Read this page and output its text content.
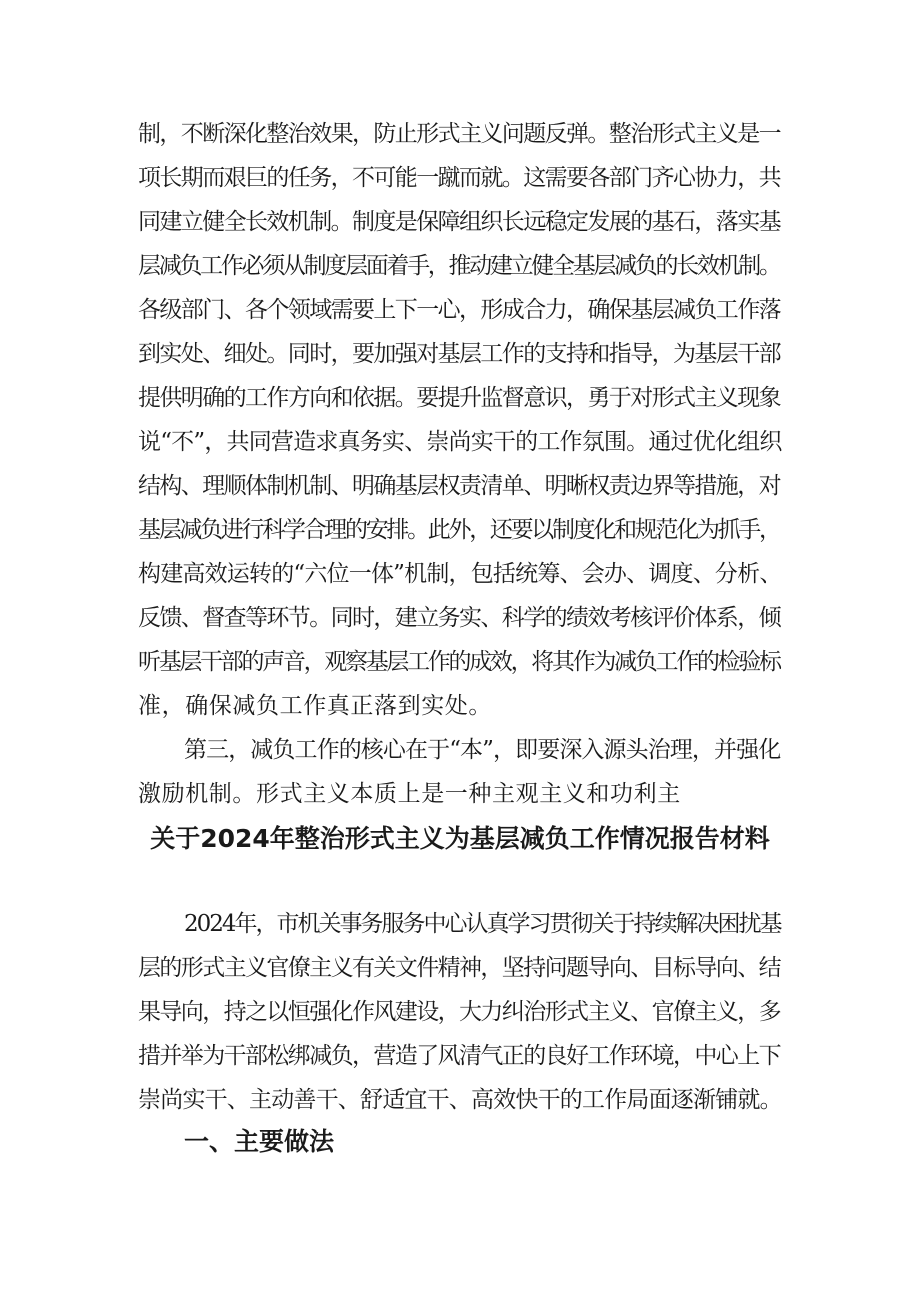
制，不断深化整治效果，防止形式主义问题反弹。整治形式主义是一
项长期而艰巨的任务，不可能一蹴而就。这需要各部门齐心协力，共
同建立健全长效机制。制度是保障组织长远稳定发展的基石，落实基
层减负工作必须从制度层面着手，推动建立健全基层减负的长效机制。
各级部门、各个领域需要上下一心，形成合力，确保基层减负工作落
到实处、细处。同时，要加强对基层工作的支持和指导，为基层干部
提供明确的工作方向和依据。要提升监督意识，勇于对形式主义现象
说“不”，共同营造求真务实、崇尚实干的工作氛围。通过优化组织
结构、理顺体制机制、明确基层权责清单、明晰权责边界等措施，对
基层减负进行科学合理的安排。此外，还要以制度化和规范化为抓手，
构建高效运转的“六位一体”机制，包括统筹、会办、调度、分析、
反馈、督查等环节。同时，建立务实、科学的绩效考核评价体系，倾
听基层干部的声音，观察基层工作的成效，将其作为减负工作的检验标
准，确保减负工作真正落到实处。
第三，减负工作的核心在于“本”，即要深入源头治理，并强化
激励机制。形式主义本质上是一种主观主义和功利主
关于2024年整治形式主义为基层减负工作情况报告材料
2024年，市机关事务服务中心认真学习贯彻关于持续解决困扰基
层的形式主义官僚主义有关文件精神，坚持问题导向、目标导向、结
果导向，持之以恒强化作风建设，大力纠治形式主义、官僚主义，多
措并举为干部松绑减负，营造了风清气正的良好工作环境，中心上下
崇尚实干、主动善干、舒适宜干、高效快干的工作局面逐渐铺就。
一、主要做法
